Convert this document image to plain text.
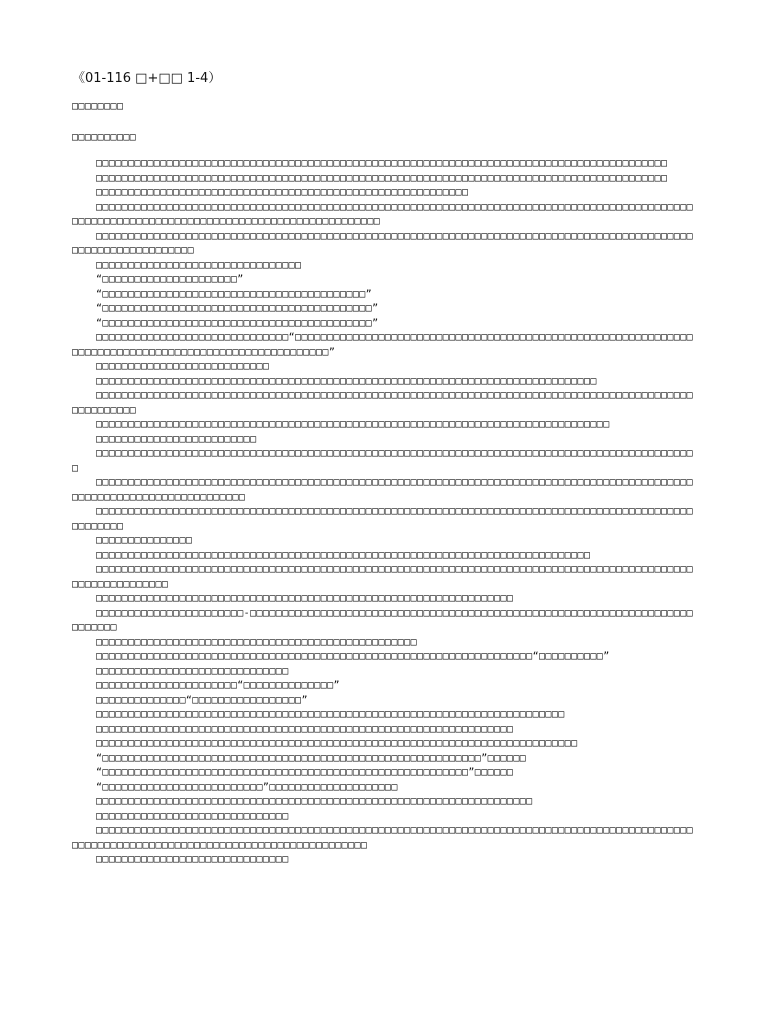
《01-116 □+□□ 1-4）
□□□□□□□□
□□□□□□□□□□

□□□□□□□□□□□□□□□□□□□□□□□□□□□□□□□□□□□□□□□□□□□□□□□□□□□□□□□□□□□□□□□□□□□□□□□□□□□□□□□□□□□□□□□□□

□□□□□□□□□□□□□□□□□□□□□□□□□□□□□□□□□□□□□□□□□□□□□□□□□□□□□□□□□□□□□□□□□□□□□□□□□□□□□□□□□□□□□□□□□

□□□□□□□□□□□□□□□□□□□□□□□□□□□□□□□□□□□□□□□□□□□□□□□□□□□□□□□□□□

□□□□□□□□□□□□□□□□□□□□□□□□□□□□□□□□□□□□□□□□□□□□□□□□□□□□□□□□□□□□□□□□□□□□□□□□□□□□□□□□□□□□□□□□□□□□□□□□□□□□□□□□□□□□□□□□□□□□□□□□□□□□□□□□□□□□□□□□□□□□□

□□□□□□□□□□□□□□□□□□□□□□□□□□□□□□□□□□□□□□□□□□□□□□□□□□□□□□□□□□□□□□□□□□□□□□□□□□□□□□□□□□□□□□□□□□□□□□□□□□□□□□□□□□□□□□□□

□□□□□□□□□□□□□□□□□□□□□□□□□□□□□□□□

“□□□□□□□□□□□□□□□□□□□□□”

“□□□□□□□□□□□□□□□□□□□□□□□□□□□□□□□□□□□□□□□□□”

“□□□□□□□□□□□□□□□□□□□□□□□□□□□□□□□□□□□□□□□□□□”

“□□□□□□□□□□□□□□□□□□□□□□□□□□□□□□□□□□□□□□□□□□”

□□□□□□□□□□□□□□□□□□□□□□□□□□□□□□“□□□□□□□□□□□□□□□□□□□□□□□□□□□□□□□□□□□□□□□□□□□□□□□□□□□□□□□□□□□□□□□□□□□□□□□□□□□□□□□□□□□□□□□□□□□□□□□□□□□□□□”

□□□□□□□□□□□□□□□□□□□□□□□□□□□

□□□□□□□□□□□□□□□□□□□□□□□□□□□□□□□□□□□□□□□□□□□□□□□□□□□□□□□□□□□□□□□□□□□□□□□□□□□□□□

□□□□□□□□□□□□□□□□□□□□□□□□□□□□□□□□□□□□□□□□□□□□□□□□□□□□□□□□□□□□□□□□□□□□□□□□□□□□□□□□□□□□□□□□□□□□□□□□□□□□□□□

□□□□□□□□□□□□□□□□□□□□□□□□□□□□□□□□□□□□□□□□□□□□□□□□□□□□□□□□□□□□□□□□□□□□□□□□□□□□□□□□

□□□□□□□□□□□□□□□□□□□□□□□□□

□□□□□□□□□□□□□□□□□□□□□□□□□□□□□□□□□□□□□□□□□□□□□□□□□□□□□□□□□□□□□□□□□□□□□□□□□□□□□□□□□□□□□□□□□□□□□□

□□□□□□□□□□□□□□□□□□□□□□□□□□□□□□□□□□□□□□□□□□□□□□□□□□□□□□□□□□□□□□□□□□□□□□□□□□□□□□□□□□□□□□□□□□□□□□□□□□□□□□□□□□□□□□□□□□□□□□□□

□□□□□□□□□□□□□□□□□□□□□□□□□□□□□□□□□□□□□□□□□□□□□□□□□□□□□□□□□□□□□□□□□□□□□□□□□□□□□□□□□□□□□□□□□□□□□□□□□□□□□

□□□□□□□□□□□□□□□

□□□□□□□□□□□□□□□□□□□□□□□□□□□□□□□□□□□□□□□□□□□□□□□□□□□□□□□□□□□□□□□□□□□□□□□□□□□□□

□□□□□□□□□□□□□□□□□□□□□□□□□□□□□□□□□□□□□□□□□□□□□□□□□□□□□□□□□□□□□□□□□□□□□□□□□□□□□□□□□□□□□□□□□□□□□□□□□□□□□□□□□□□□

□□□□□□□□□□□□□□□□□□□□□□□□□□□□□□□□□□□□□□□□□□□□□□□□□□□□□□□□□□□□□□□□□

□□□□□□□□□□□□□□□□□□□□□□□-□□□□□□□□□□□□□□□□□□□□□□□□□□□□□□□□□□□□□□□□□□□□□□□□□□□□□□□□□□□□□□□□□□□□□□□□□□□□

□□□□□□□□□□□□□□□□□□□□□□□□□□□□□□□□□□□□□□□□□□□□□□□□□□

□□□□□□□□□□□□□□□□□□□□□□□□□□□□□□□□□□□□□□□□□□□□□□□□□□□□□□□□□□□□□□□□□□□□“□□□□□□□□□□”

□□□□□□□□□□□□□□□□□□□□□□□□□□□□□□

□□□□□□□□□□□□□□□□□□□□□□“□□□□□□□□□□□□□□”

□□□□□□□□□□□□□□“□□□□□□□□□□□□□□□□□”

□□□□□□□□□□□□□□□□□□□□□□□□□□□□□□□□□□□□□□□□□□□□□□□□□□□□□□□□□□□□□□□□□□□□□□□□□

□□□□□□□□□□□□□□□□□□□□□□□□□□□□□□□□□□□□□□□□□□□□□□□□□□□□□□□□□□□□□□□□□

□□□□□□□□□□□□□□□□□□□□□□□□□□□□□□□□□□□□□□□□□□□□□□□□□□□□□□□□□□□□□□□□□□□□□□□□□□□

“□□□□□□□□□□□□□□□□□□□□□□□□□□□□□□□□□□□□□□□□□□□□□□□□□□□□□□□□□□□”□□□□□□

“□□□□□□□□□□□□□□□□□□□□□□□□□□□□□□□□□□□□□□□□□□□□□□□□□□□□□□□□□”□□□□□□

“□□□□□□□□□□□□□□□□□□□□□□□□□”□□□□□□□□□□□□□□□□□□□□

□□□□□□□□□□□□□□□□□□□□□□□□□□□□□□□□□□□□□□□□□□□□□□□□□□□□□□□□□□□□□□□□□□□□

□□□□□□□□□□□□□□□□□□□□□□□□□□□□□□

□□□□□□□□□□□□□□□□□□□□□□□□□□□□□□□□□□□□□□□□□□□□□□□□□□□□□□□□□□□□□□□□□□□□□□□□□□□□□□□□□□□□□□□□□□□□□□□□□□□□□□□□□□□□□□□□□□□□□□□□□□□□□□□□□□□□□□□□□□□

□□□□□□□□□□□□□□□□□□□□□□□□□□□□□□
